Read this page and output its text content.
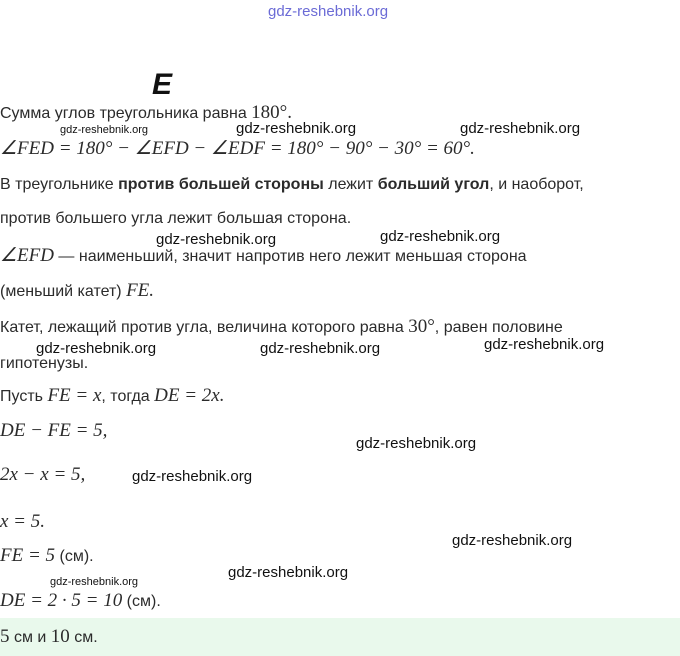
gdz-reshebnik.org
E
Сумма углов треугольника равна 180°.
∠FED = 180° − ∠EFD − ∠EDF = 180° − 90° − 30° = 60°.
В треугольнике против большей стороны лежит больший угол, и наоборот,
против большего угла лежит большая сторона.
∠EFD — наименьший, значит напротив него лежит меньшая сторона
(меньший катет) FE.
Катет, лежащий против угла, величина которого равна 30°, равен половине
гипотенузы.
Пусть FE = x, тогда DE = 2x.
DE − FE = 5,
2x − x = 5,
x = 5.
FE = 5 (см).
DE = 2 · 5 = 10 (см).
5 см и 10 см.
gdz-reshebnik.org	gdz-reshebnik.org	gdz-reshebnik.org
gdz-reshebnik.org	gdz-reshebnik.org
gdz-reshebnik.org	gdz-reshebnik.org	gdz-reshebnik.org
gdz-reshebnik.org
gdz-reshebnik.org
gdz-reshebnik.org
gdz-reshebnik.org
gdz-reshebnik.org
